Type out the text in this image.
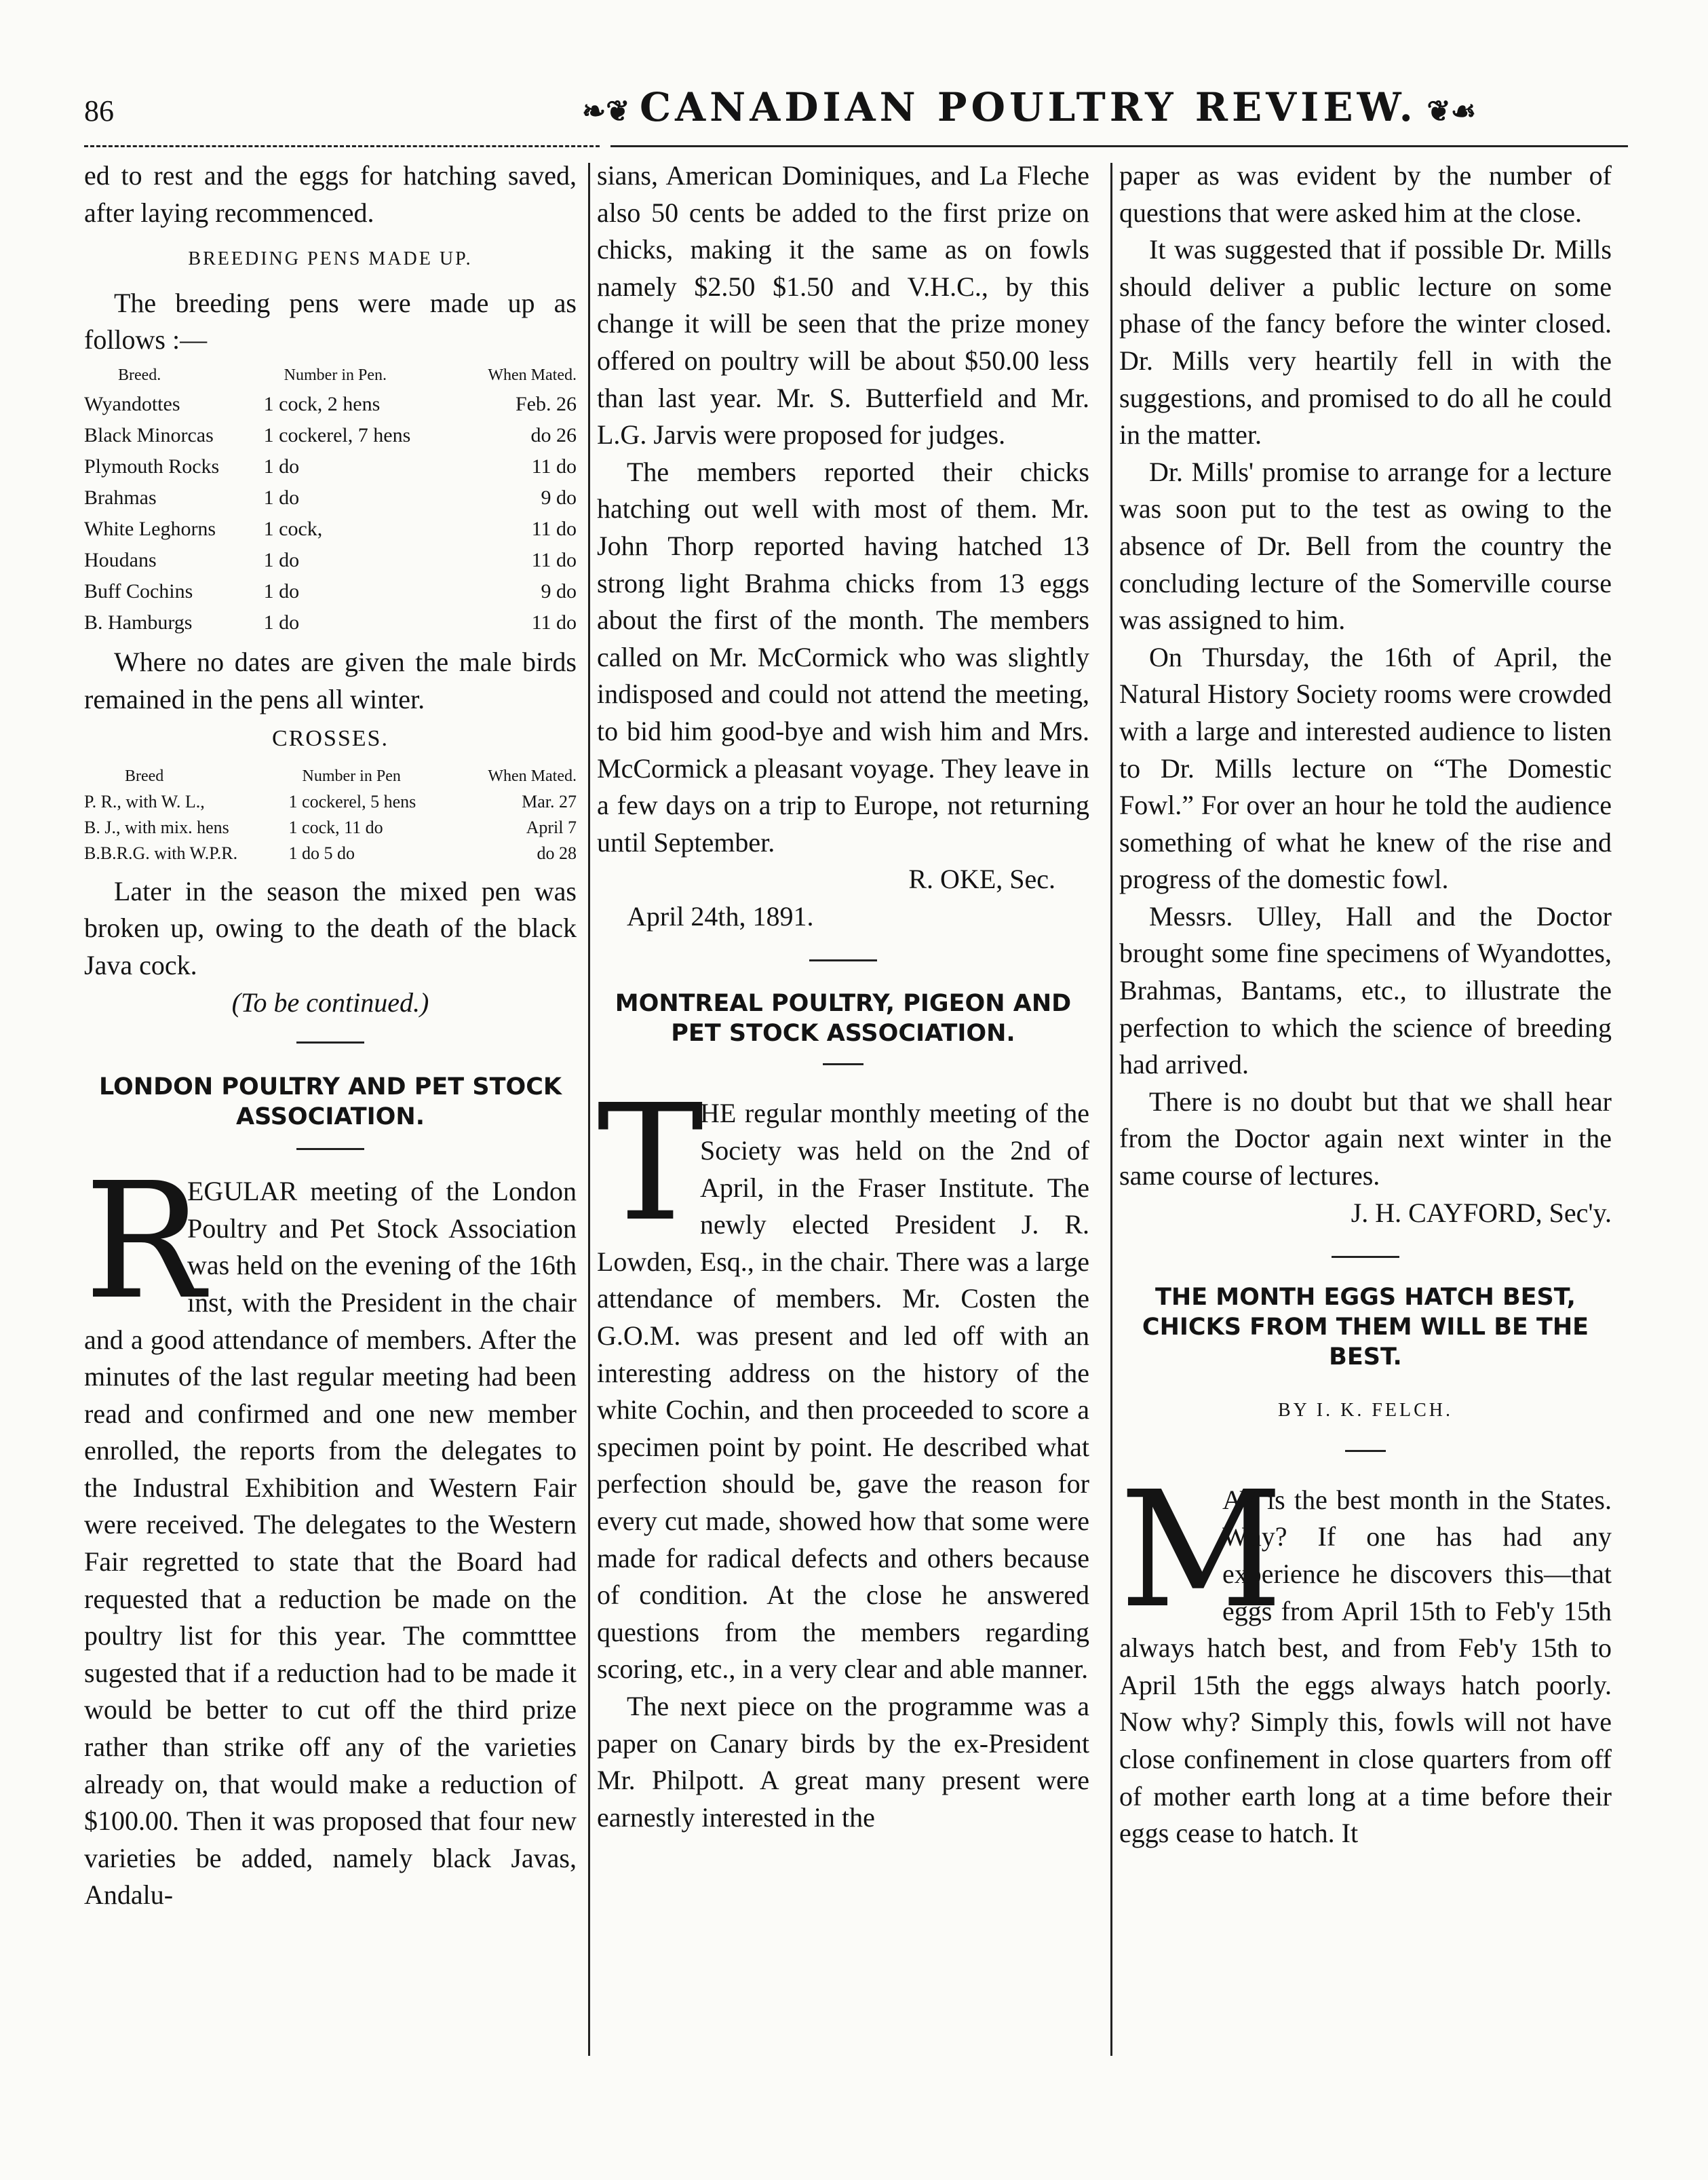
86	❧❦ CANADIAN POULTRY REVIEW. ❦☙

ed to rest and the eggs for hatching saved, after laying recommenced.

BREEDING PENS MADE UP.

The breeding pens were made up as follows :—

Breed.	Number in Pen.	When Mated.
Wyandottes	1 cock, 2 hens	Feb. 26
Black Minorcas	1 cockerel, 7 hens	do 26
Plymouth Rocks	1 do	11 do
Brahmas	1 do	9 do
White Leghorns	1 cock,	11 do
Houdans	1 do	11 do
Buff Cochins	1 do	9 do
B. Hamburgs	1 do	11 do

Where no dates are given the male birds remained in the pens all winter.

CROSSES.
Breed	Number in Pen	When Mated.
P. R., with W. L.,	1 cockerel, 5 hens	Mar. 27
B. J., with mix. hens	1 cock, 11 do	April 7
B.B.R.G. with W.P.R.	1 do 5 do	do 28

Later in the season the mixed pen was broken up, owing to the death of the black Java cock.

(To be continued.)

LONDON POULTRY AND PET STOCK ASSOCIATION.

R
EGULAR meeting of the London Poultry and Pet Stock Association was held on the evening of the 16th inst, with the President in the chair and a good attendance of members. After the minutes of the last regular meeting had been read and confirmed and one new member enrolled, the reports from the delegates to the Industral Exhibition and Western Fair were received. The delegates to the Western Fair regretted to state that the Board had requested that a reduction be made on the poultry list for this year. The commtttee sugested that if a reduction had to be made it would be better to cut off the third prize rather than strike off any of the varieties already on, that would make a reduction of $100.00. Then it was proposed that four new varieties be added, namely black Javas, Andalu-

sians, American Dominiques, and La Fleche also 50 cents be added to the first prize on chicks, making it the same as on fowls namely $2.50 $1.50 and V.H.C., by this change it will be seen that the prize money offered on poultry will be about $50.00 less than last year. Mr. S. Butterfield and Mr. L.G. Jarvis were proposed for judges.

The members reported their chicks hatching out well with most of them. Mr. John Thorp reported having hatched 13 strong light Brahma chicks from 13 eggs about the first of the month. The members called on Mr. McCormick who was slightly indisposed and could not attend the meeting, to bid him good-bye and wish him and Mrs. McCormick a pleasant voyage. They leave in a few days on a trip to Europe, not returning until September.

R. OKE, Sec.

April 24th, 1891.

MONTREAL POULTRY, PIGEON AND PET STOCK ASSOCIATION.

T
HE regular monthly meeting of the Society was held on the 2nd of April, in the Fraser Institute. The newly elected President J. R. Lowden, Esq., in the chair. There was a large attendance of members. Mr. Costen the G.O.M. was present and led off with an interesting address on the history of the white Cochin, and then proceeded to score a specimen point by point. He described what perfection should be, gave the reason for every cut made, showed how that some were made for radical defects and others because of condition. At the close he answered questions from the members regarding scoring, etc., in a very clear and able manner.

The next piece on the programme was a paper on Canary birds by the ex-President Mr. Philpott. A great many present were earnestly interested in the

paper as was evident by the number of questions that were asked him at the close.

It was suggested that if possible Dr. Mills should deliver a public lecture on some phase of the fancy before the winter closed. Dr. Mills very heartily fell in with the suggestions, and promised to do all he could in the matter.

Dr. Mills' promise to arrange for a lecture was soon put to the test as owing to the absence of Dr. Bell from the country the concluding lecture of the Somerville course was assigned to him.

On Thursday, the 16th of April, the Natural History Society rooms were crowded with a large and interested audience to listen to Dr. Mills lecture on “The Domestic Fowl.” For over an hour he told the audience something of what he knew of the rise and progress of the domestic fowl.

Messrs. Ulley, Hall and the Doctor brought some fine specimens of Wyandottes, Brahmas, Bantams, etc., to illustrate the perfection to which the science of breeding had arrived.

There is no doubt but that we shall hear from the Doctor again next winter in the same course of lectures.

J. H. CAYFORD, Sec'y.

THE MONTH EGGS HATCH BEST, CHICKS FROM THEM WILL BE THE BEST.
BY I. K. FELCH.

M
AY is the best month in the States. Why? If one has had any experience he discovers this—that eggs from April 15th to Feb'y 15th always hatch best, and from Feb'y 15th to April 15th the eggs always hatch poorly. Now why? Simply this, fowls will not have close confinement in close quarters from off of mother earth long at a time before their eggs cease to hatch. It
